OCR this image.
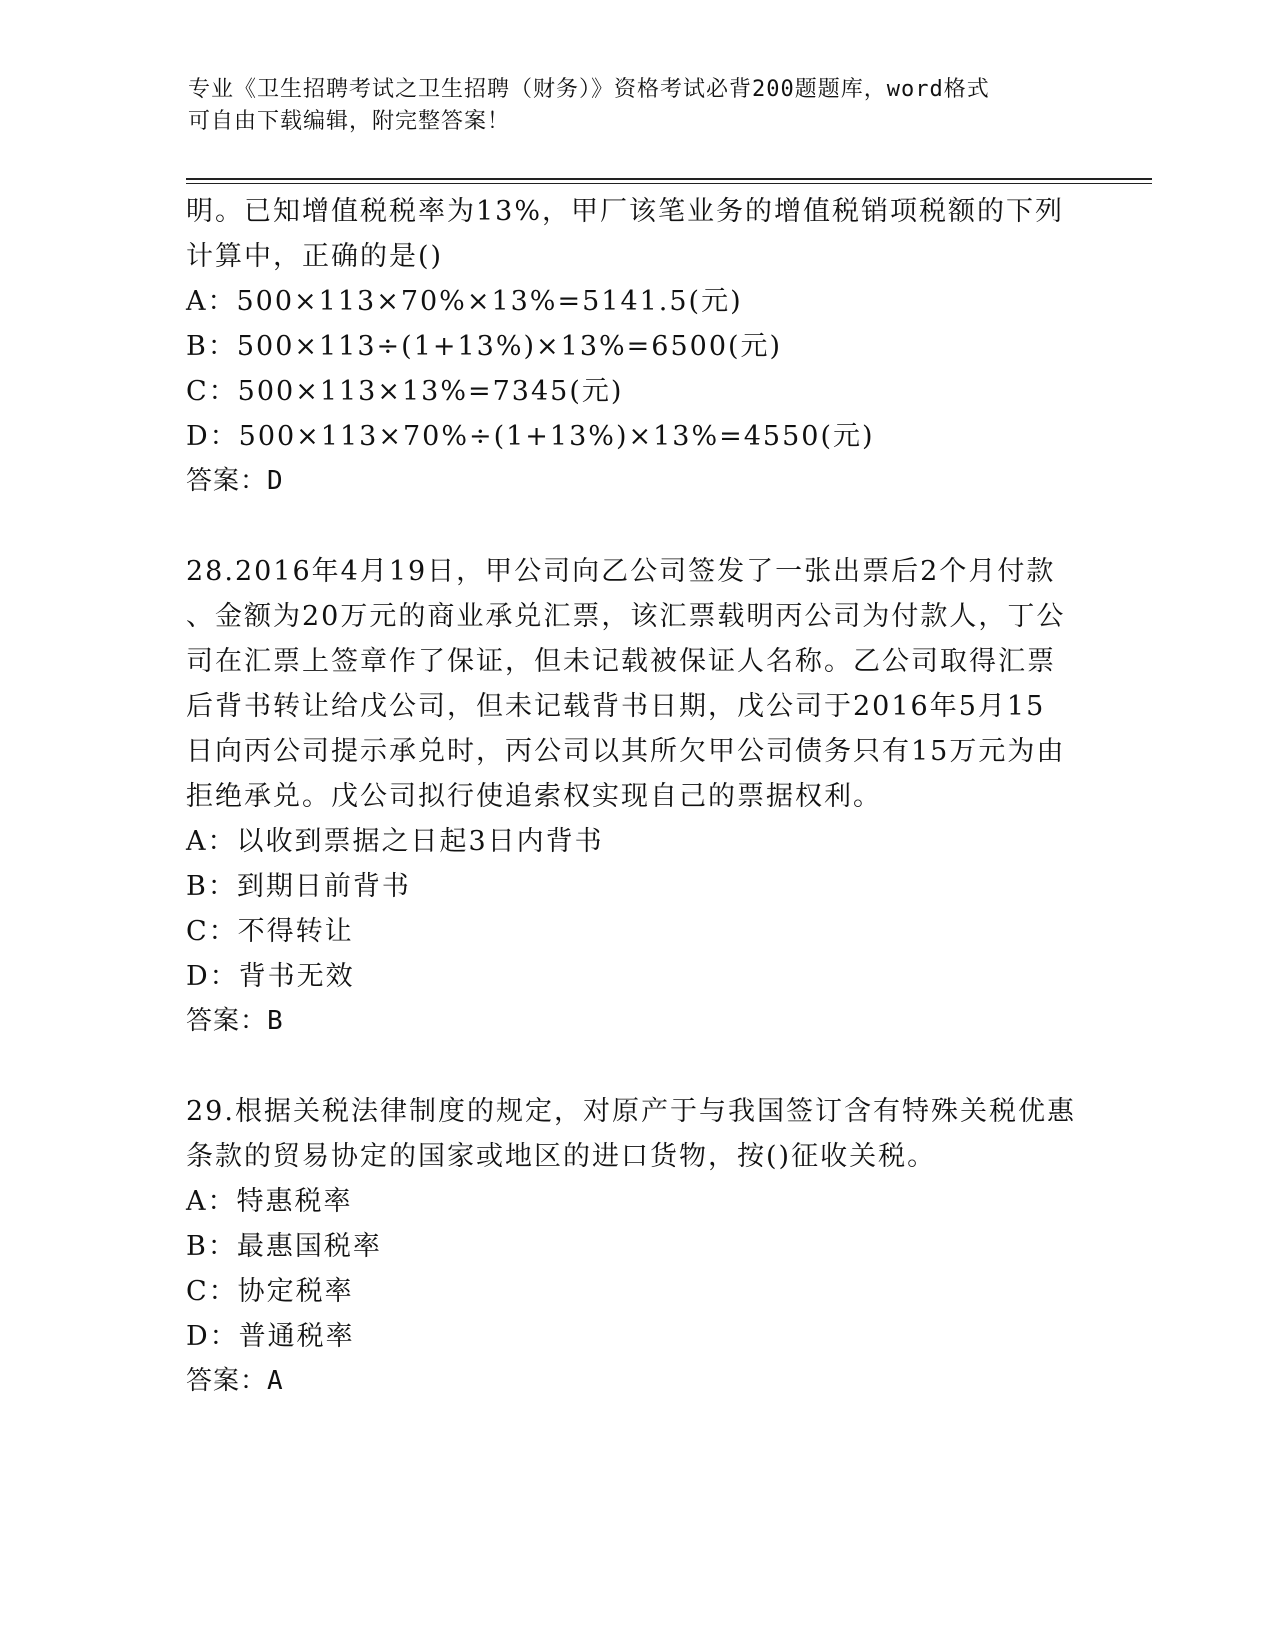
专业《卫生招聘考试之卫生招聘（财务）》资格考试必背200题题库，word格式
可自由下载编辑，附完整答案！
明。已知增值税税率为13%，甲厂该笔业务的增值税销项税额的下列
计算中，正确的是()
A：500×113×70%×13%=5141.5(元)
B：500×113÷(1+13%)×13%=6500(元)
C：500×113×13%=7345(元)
D：500×113×70%÷(1+13%)×13%=4550(元)
答案：D
28.2016年4月19日，甲公司向乙公司签发了一张出票后2个月付款
、金额为20万元的商业承兑汇票，该汇票载明丙公司为付款人，丁公
司在汇票上签章作了保证，但未记载被保证人名称。乙公司取得汇票
后背书转让给戊公司，但未记载背书日期，戊公司于2016年5月15
日向丙公司提示承兑时，丙公司以其所欠甲公司债务只有15万元为由
拒绝承兑。戊公司拟行使追索权实现自己的票据权利。
A：以收到票据之日起3日内背书
B：到期日前背书
C：不得转让
D：背书无效
答案：B
29.根据关税法律制度的规定，对原产于与我国签订含有特殊关税优惠
条款的贸易协定的国家或地区的进口货物，按()征收关税。
A：特惠税率
B：最惠国税率
C：协定税率
D：普通税率
答案：A
